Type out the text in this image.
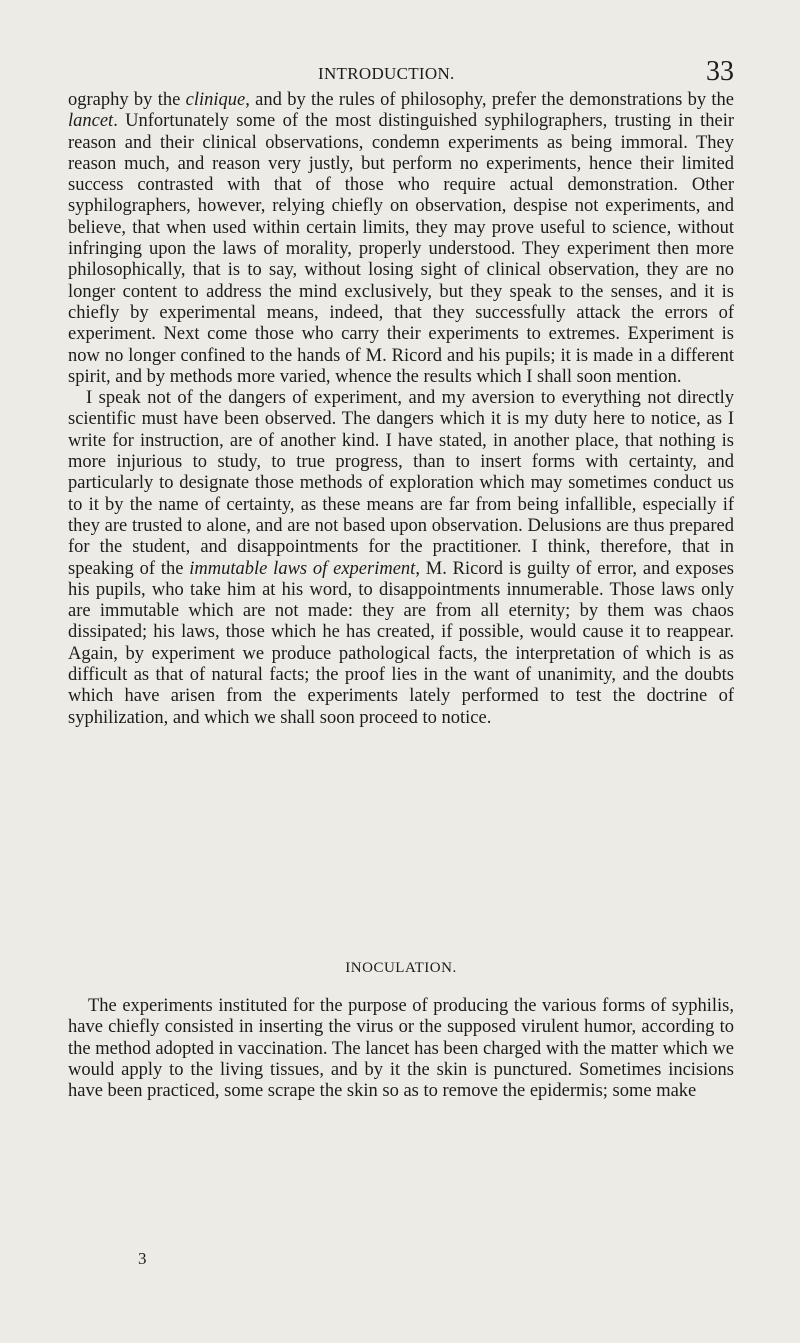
INTRODUCTION.	33

ography by the clinique, and by the rules of philosophy, prefer the demonstrations by the lancet. Unfortunately some of the most distinguished syphilographers, trusting in their reason and their clinical observations, condemn experiments as being immoral. They reason much, and reason very justly, but perform no experiments, hence their limited success contrasted with that of those who require actual demonstration. Other syphilographers, however, relying chiefly on observation, despise not experiments, and believe, that when used within certain limits, they may prove useful to science, without infringing upon the laws of morality, properly understood. They experiment then more philosophically, that is to say, without losing sight of clinical observation, they are no longer content to address the mind exclusively, but they speak to the senses, and it is chiefly by experimental means, indeed, that they successfully attack the errors of experiment. Next come those who carry their experiments to extremes. Experiment is now no longer confined to the hands of M. Ricord and his pupils; it is made in a different spirit, and by methods more varied, whence the results which I shall soon mention.

I speak not of the dangers of experiment, and my aversion to everything not directly scientific must have been observed. The dangers which it is my duty here to notice, as I write for instruction, are of another kind. I have stated, in another place, that nothing is more injurious to study, to true progress, than to insert forms with certainty, and particularly to designate those methods of exploration which may sometimes conduct us to it by the name of certainty, as these means are far from being infallible, especially if they are trusted to alone, and are not based upon observation. Delusions are thus prepared for the student, and disappointments for the practitioner. I think, therefore, that in speaking of the immutable laws of experiment, M. Ricord is guilty of error, and exposes his pupils, who take him at his word, to disappointments innumerable. Those laws only are immutable which are not made: they are from all eternity; by them was chaos dissipated; his laws, those which he has created, if possible, would cause it to reappear. Again, by experiment we produce pathological facts, the interpretation of which is as difficult as that of natural facts; the proof lies in the want of unanimity, and the doubts which have arisen from the experiments lately performed to test the doctrine of syphilization, and which we shall soon proceed to notice.

INOCULATION.

The experiments instituted for the purpose of producing the various forms of syphilis, have chiefly consisted in inserting the virus or the supposed virulent humor, according to the method adopted in vaccination. The lancet has been charged with the matter which we would apply to the living tissues, and by it the skin is punctured. Sometimes incisions have been practiced, some scrape the skin so as to remove the epidermis; some make

3
